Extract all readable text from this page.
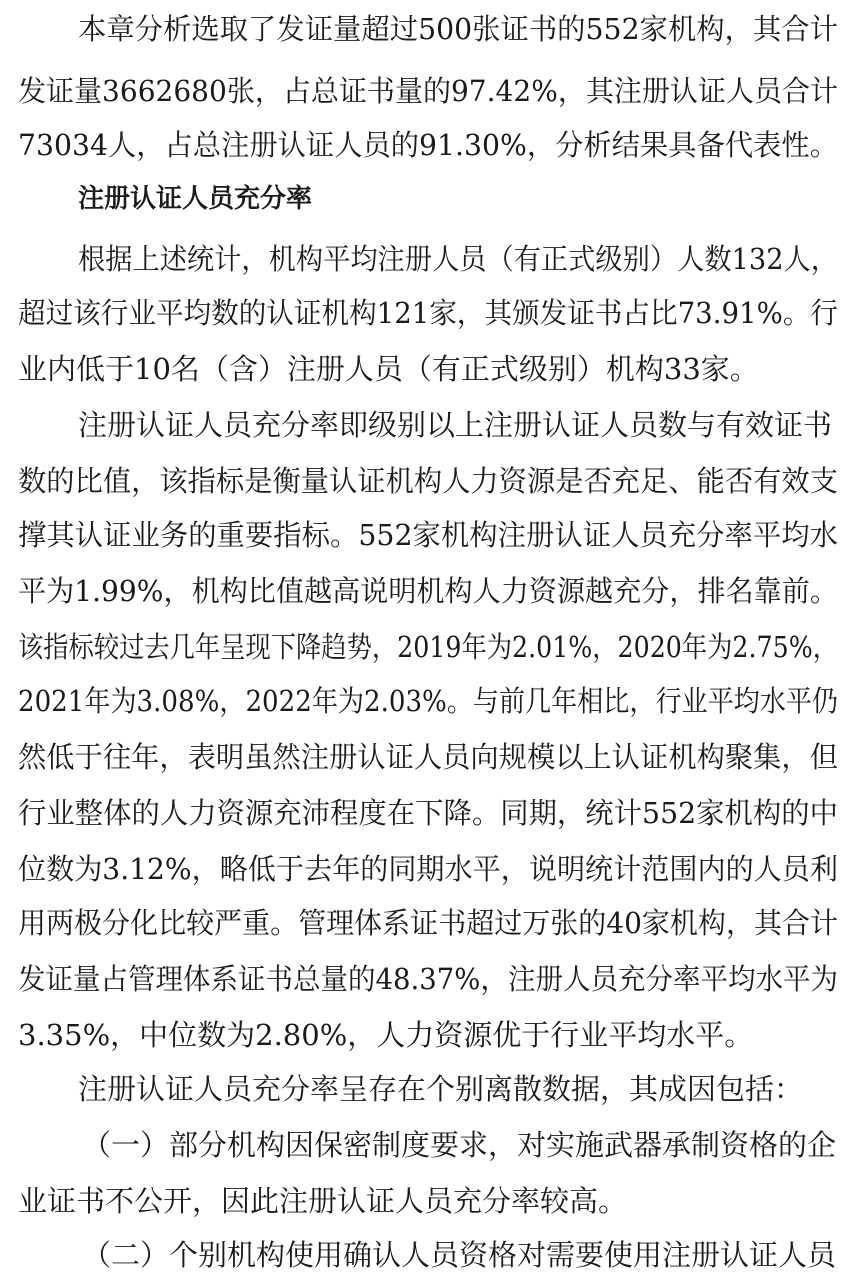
本章分析选取了发证量超过500张证书的552家机构，其合计
发证量3662680张，占总证书量的97.42%，其注册认证人员合计
73034人，占总注册认证人员的91.30%，分析结果具备代表性。
注册认证人员充分率
根据上述统计，机构平均注册人员（有正式级别）人数132人，
超过该行业平均数的认证机构121家，其颁发证书占比73.91%。行
业内低于10名（含）注册人员（有正式级别）机构33家。
注册认证人员充分率即级别以上注册认证人员数与有效证书
数的比值，该指标是衡量认证机构人力资源是否充足、能否有效支
撑其认证业务的重要指标。552家机构注册认证人员充分率平均水
平为1.99%，机构比值越高说明机构人力资源越充分，排名靠前。
该指标较过去几年呈现下降趋势，2019年为2.01%，2020年为2.75%，
2021年为3.08%，2022年为2.03%。与前几年相比，行业平均水平仍
然低于往年，表明虽然注册认证人员向规模以上认证机构聚集，但
行业整体的人力资源充沛程度在下降。同期，统计552家机构的中
位数为3.12%，略低于去年的同期水平，说明统计范围内的人员利
用两极分化比较严重。管理体系证书超过万张的40家机构，其合计
发证量占管理体系证书总量的48.37%，注册人员充分率平均水平为
3.35%，中位数为2.80%，人力资源优于行业平均水平。
注册认证人员充分率呈存在个别离散数据，其成因包括：
（一）部分机构因保密制度要求，对实施武器承制资格的企
业证书不公开，因此注册认证人员充分率较高。
（二）个别机构使用确认人员资格对需要使用注册认证人员
